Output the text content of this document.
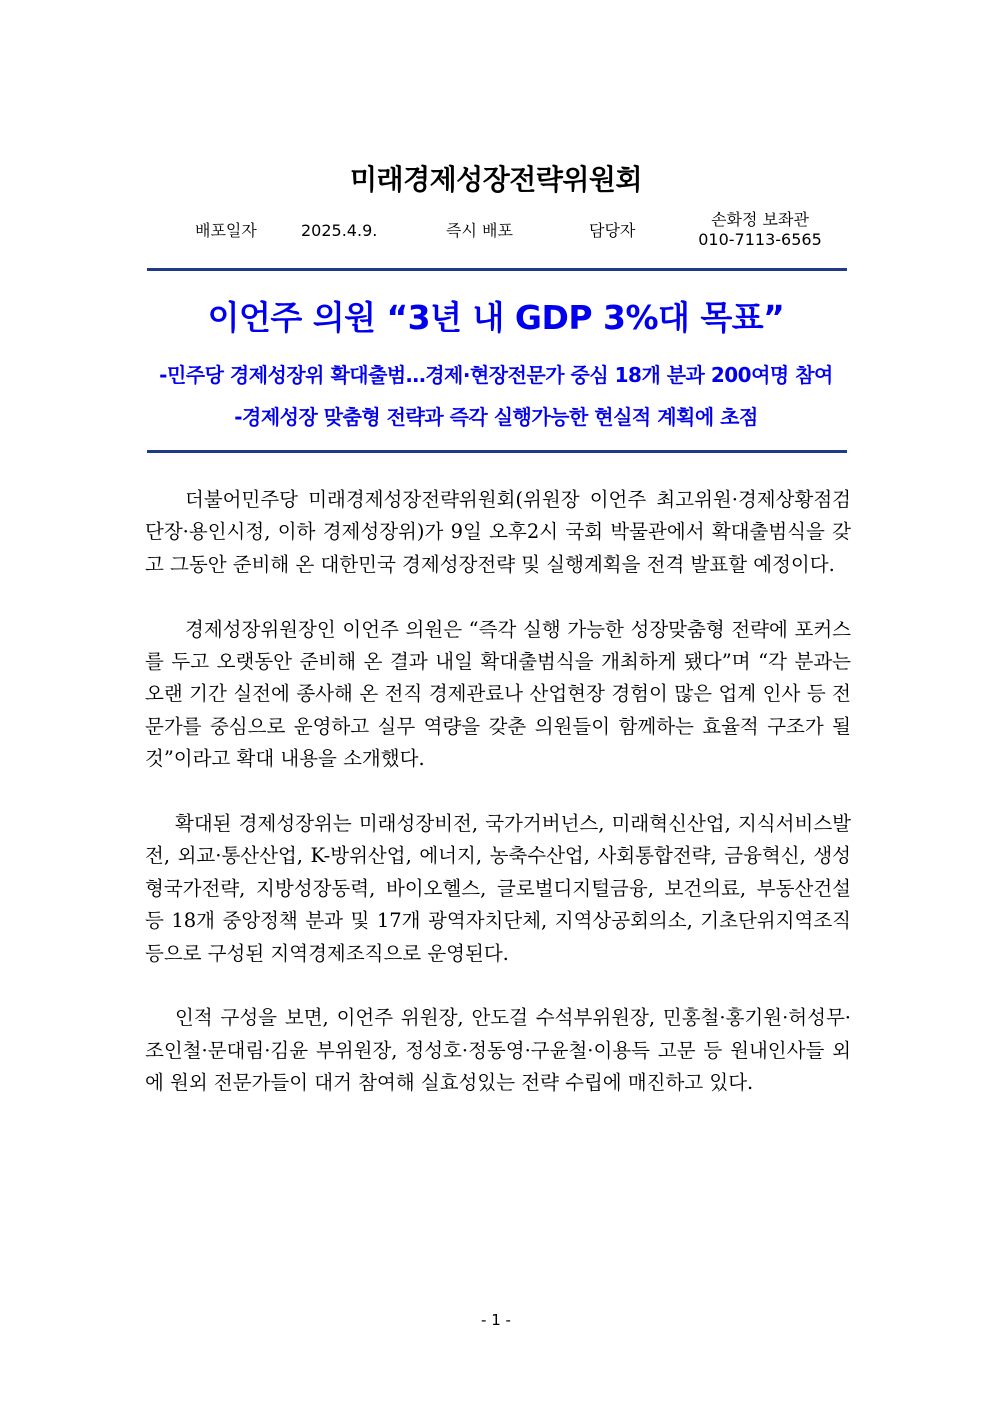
미래경제성장전략위원회
배포일자	2025.4.9.	즉시 배포	담당자
손화정 보좌관
010-7113-6565
이언주 의원 “3년 내 GDP 3%대 목표”
-민주당 경제성장위 확대출범…경제·현장전문가 중심 18개 분과 200여명 참여
-경제성장 맞춤형 전략과 즉각 실행가능한 현실적 계획에 초점

더불어민주당 미래경제성장전략위원회(위원장 이언주 최고위원·경제상황점검단장·용인시정, 이하 경제성장위)가 9일 오후2시 국회 박물관에서 확대출범식을 갖고 그동안 준비해 온 대한민국 경제성장전략 및 실행계획을 전격 발표할 예정이다.

경제성장위원장인 이언주 의원은 “즉각 실행 가능한 성장맞춤형 전략에 포커스를 두고 오랫동안 준비해 온 결과 내일 확대출범식을 개최하게 됐다”며 “각 분과는 오랜 기간 실전에 종사해 온 전직 경제관료나 산업현장 경험이 많은 업계 인사 등 전문가를 중심으로 운영하고 실무 역량을 갖춘 의원들이 함께하는 효율적 구조가 될 것”이라고 확대 내용을 소개했다.

확대된 경제성장위는 미래성장비전, 국가거버넌스, 미래혁신산업, 지식서비스발전, 외교·통산산업, K-방위산업, 에너지, 농축수산업, 사회통합전략, 금융혁신, 생성형국가전략, 지방성장동력, 바이오헬스, 글로벌디지털금융, 보건의료, 부동산건설 등 18개 중앙정책 분과 및 17개 광역자치단체, 지역상공회의소, 기초단위지역조직 등으로 구성된 지역경제조직으로 운영된다.

인적 구성을 보면, 이언주 위원장, 안도걸 수석부위원장, 민홍철·홍기원·허성무·조인철·문대림·김윤 부위원장, 정성호·정동영·구윤철·이용득 고문 등 원내인사들 외에 원외 전문가들이 대거 참여해 실효성있는 전략 수립에 매진하고 있다.

- 1 -
